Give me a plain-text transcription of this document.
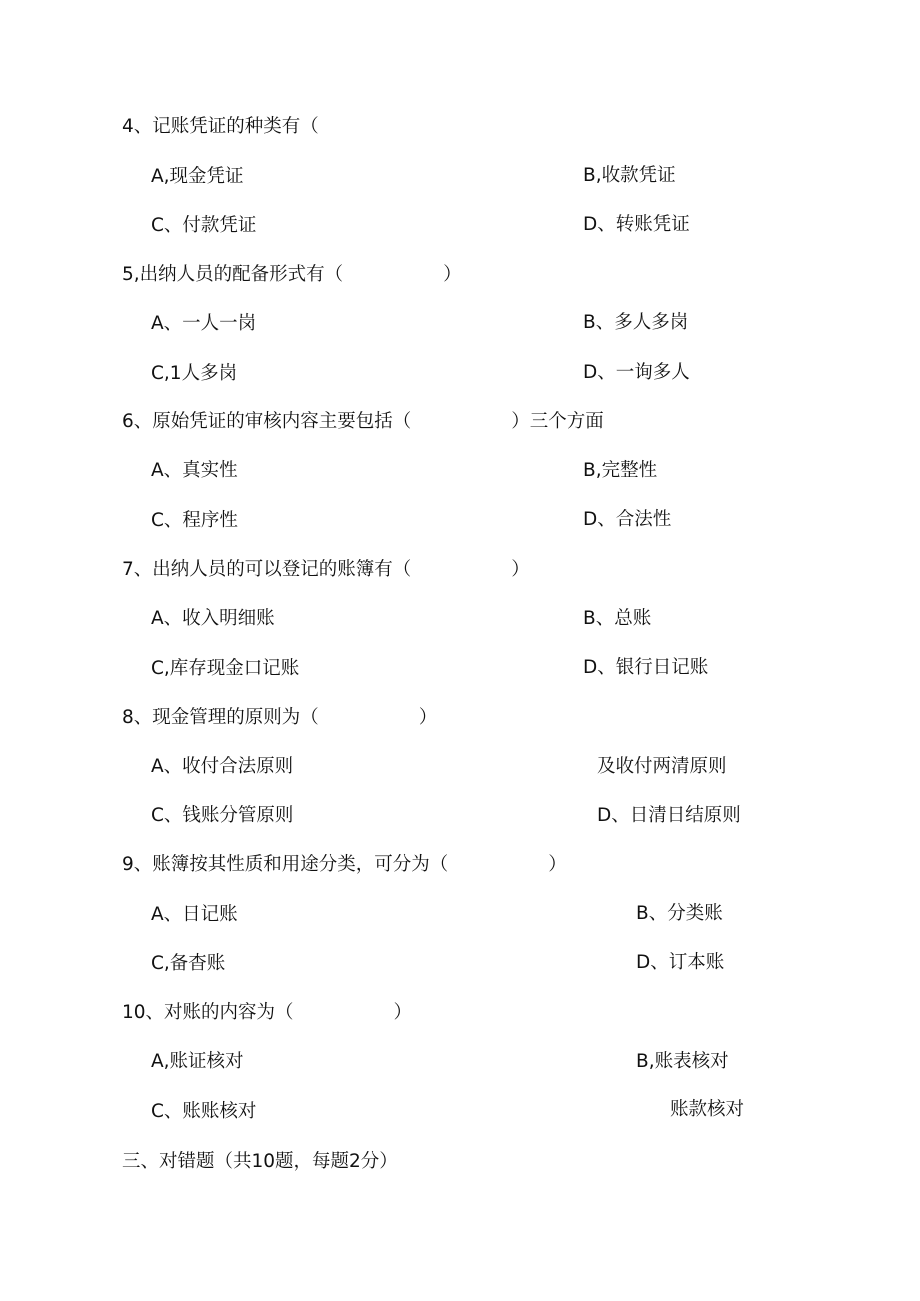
4、记账凭证的种类有（
A,现金凭证	B,收款凭证
C、付款凭证	D、转账凭证
5,出纳人员的配备形式有（                 ）
A、一人一岗	B、多人多岗
C,1人多岗	D、一询多人
6、原始凭证的审核内容主要包括（                 ）三个方面
A、真实性	B,完整性
C、程序性	D、合法性
7、出纳人员的可以登记的账簿有（                 ）
A、收入明细账	B、总账
C,库存现金口记账	D、银行日记账
8、现金管理的原则为（                 ）
A、收付合法原则	及收付两清原则
C、钱账分管原则	D、日清日结原则
9、账簿按其性质和用途分类，可分为（                 ）
A、日记账	B、分类账
C,备杳账	D、订本账
10、对账的内容为（                 ）
A,账证核对	B,账表核对
C、账账核对	账款核对
三、对错题（共10题，每题2分）
